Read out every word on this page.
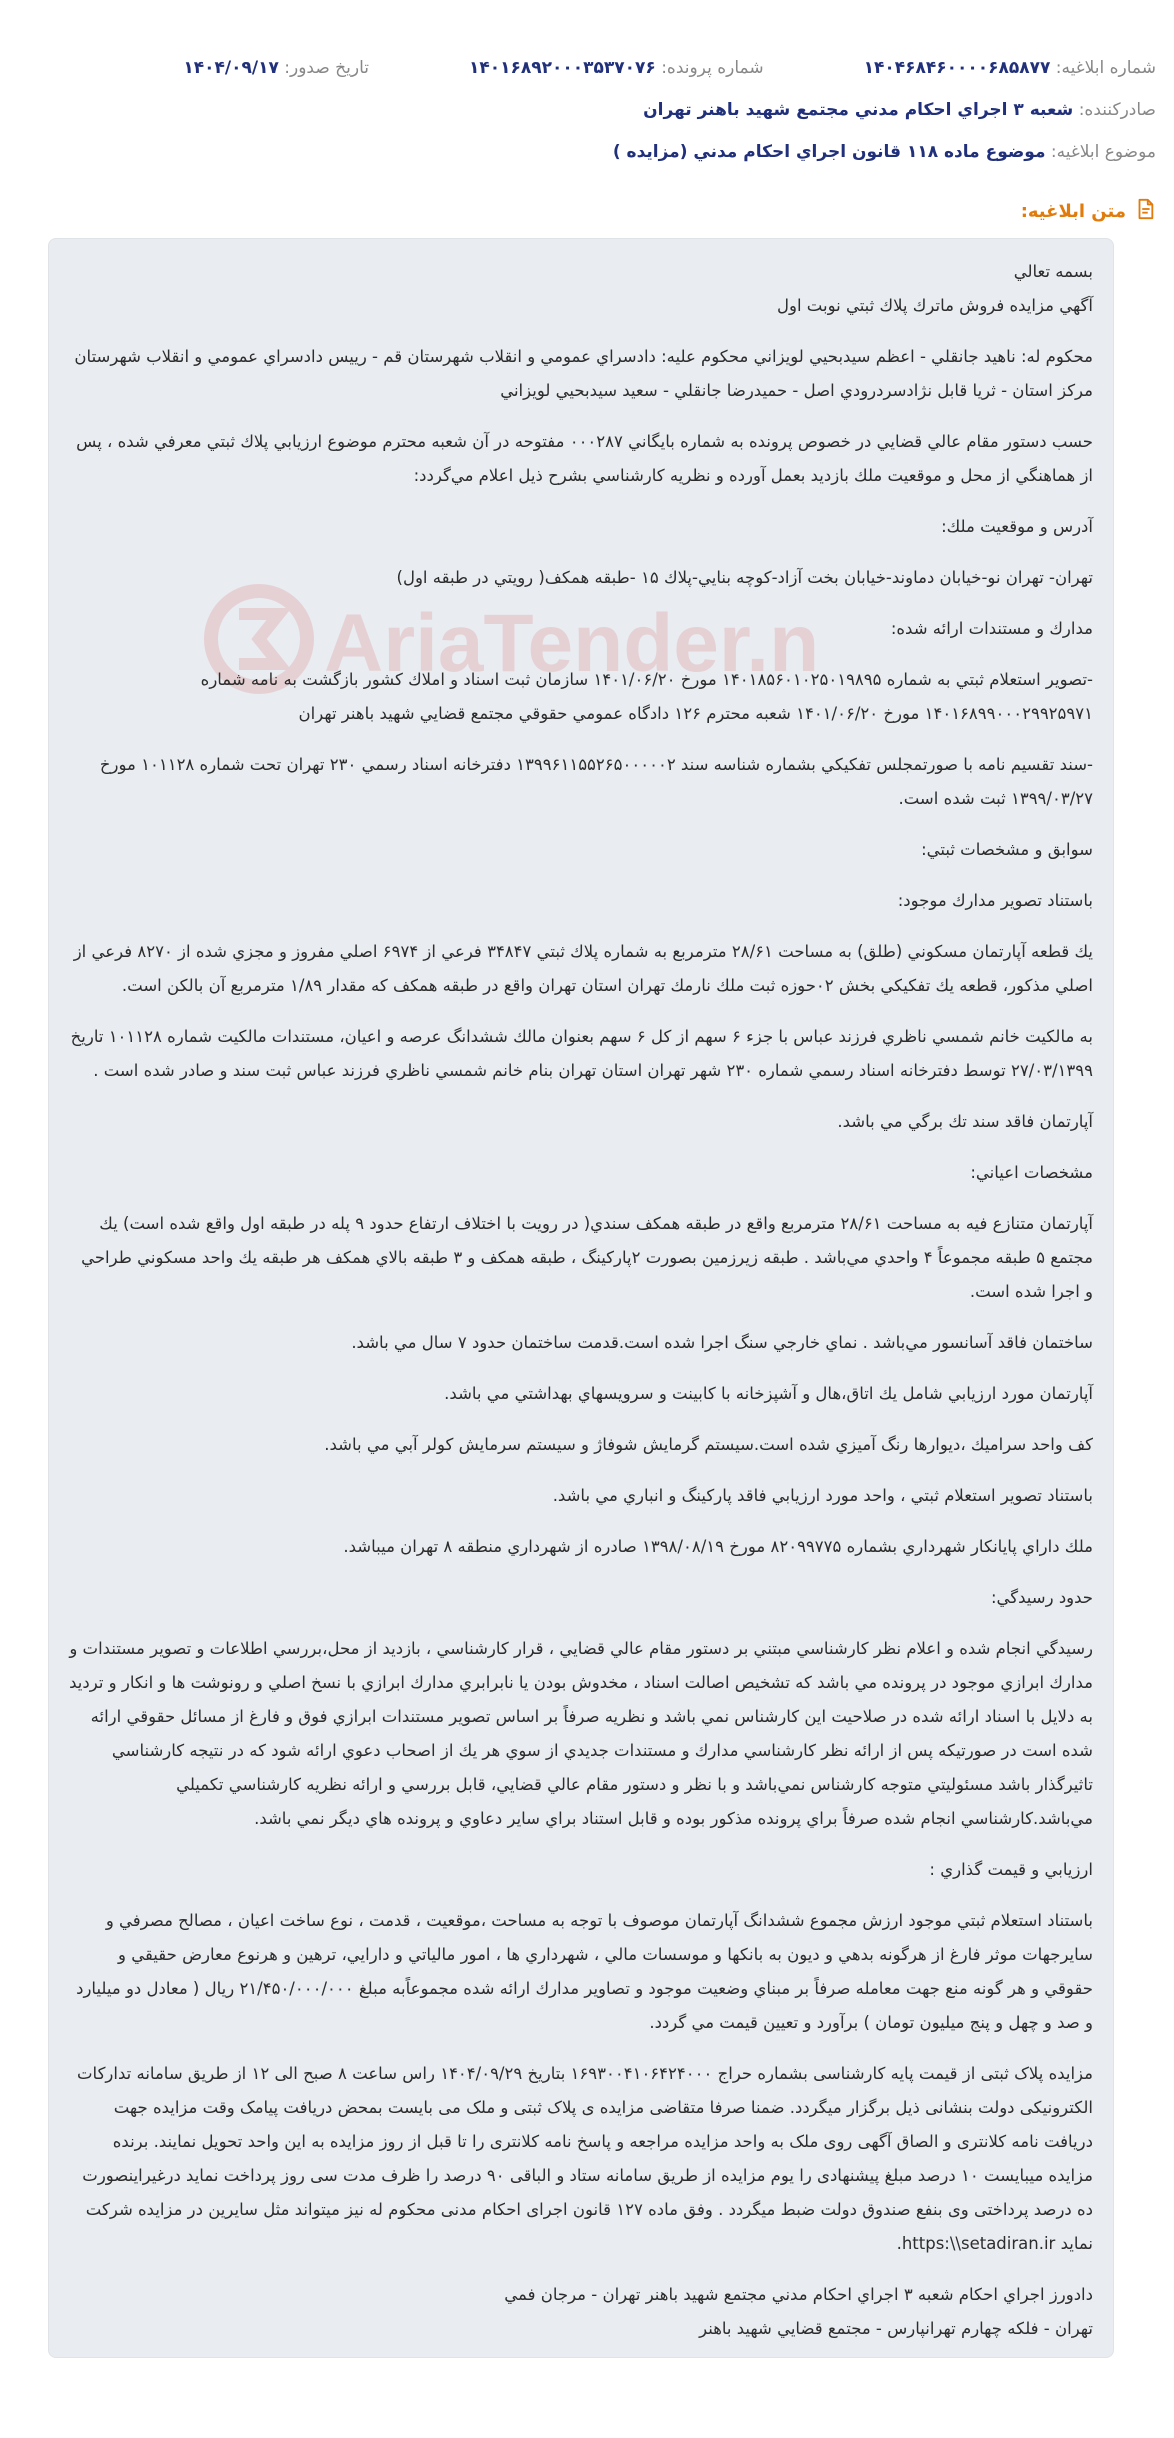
شماره ابلاغيه: ۱۴۰۴۶۸۴۶۰۰۰۰۶۸۵۸۷۷
شماره پرونده: ۱۴۰۱۶۸۹۲۰۰۰۳۵۳۷۰۷۶
تاريخ صدور: ۱۴۰۴/۰۹/۱۷
صادرکننده: شعبه ۳ اجراي احكام مدني مجتمع شهيد باهنر تهران
موضوع ابلاغيه: موضوع ماده ۱۱۸ قانون اجراي احكام مدني (مزايده )
متن ابلاغيه:
AriaTender.n

بسمه تعالي

آگهي مزايده فروش ماترك پلاك ثبتي نوبت اول

محكوم له: ناهيد جانقلي - اعظم سيدبحيي لويزاني محكوم عليه: دادسراي عمومي و انقلاب شهرستان قم - رييس دادسراي عمومي و انقلاب شهرستان مركز استان - ثريا قابل نژادسردرودي اصل - حميدرضا جانقلي - سعيد سيدبحيي لويزاني

حسب دستور مقام عالي قضايي در خصوص پرونده به شماره بايگاني ۰۰۰۲۸۷ مفتوحه در آن شعبه محترم موضوع ارزيابي پلاك ثبتي معرفي شده ، پس از هماهنگي از محل و موقعيت ملك بازديد بعمل آورده و نظريه كارشناسي بشرح ذيل اعلام مي‌گردد:

آدرس و موقعيت ملك:

تهران- تهران نو-خيابان دماوند-خيابان بخت آزاد-كوچه بنايي-پلاك ۱۵ -طبقه همكف( رويتي در طبقه اول)

مدارك و مستندات ارائه شده:

-تصوير استعلام ثبتي به شماره ۱۴۰۱۸۵۶۰۱۰۲۵۰۱۹۸۹۵ مورخ ۱۴۰۱/۰۶/۲۰ سازمان ثبت اسناد و املاك كشور بازگشت به نامه شماره ۱۴۰۱۶۸۹۹۰۰۰۲۹۹۲۵۹۷۱ مورخ ۱۴۰۱/۰۶/۲۰ شعبه محترم ۱۲۶ دادگاه عمومي حقوقي مجتمع قضايي شهيد باهنر تهران

-سند تقسيم نامه با صورتمجلس تفكيكي بشماره شناسه سند ۱۳۹۹۶۱۱۵۵۲۶۵۰۰۰۰۰۲ دفترخانه اسناد رسمي ۲۳۰ تهران تحت شماره ۱۰۱۱۲۸ مورخ ۱۳۹۹/۰۳/۲۷ ثبت شده است.

سوابق و مشخصات ثبتي:

باستناد تصوير مدارك موجود:

يك قطعه آپارتمان مسكوني (طلق) به مساحت ۲۸/۶۱ مترمربع به شماره پلاك ثبتي ۳۴۸۴۷ فرعي از ۶۹۷۴ اصلي مفروز و مجزي شده از ۸۲۷۰ فرعي از اصلي مذكور، قطعه يك تفكيكي بخش ۰۲حوزه ثبت ملك نارمك تهران استان تهران واقع در طبقه همكف كه مقدار ۱/۸۹ مترمربع آن بالكن است.

به مالكيت خانم شمسي ناظري فرزند عباس با جزء ۶ سهم از كل ۶ سهم بعنوان مالك ششدانگ عرصه و اعيان، مستندات مالكيت شماره ۱۰۱۱۲۸ تاريخ ۲۷/۰۳/۱۳۹۹ توسط دفترخانه اسناد رسمي شماره ۲۳۰ شهر تهران استان تهران بنام خانم شمسي ناظري فرزند عباس ثبت سند و صادر شده است .

آپارتمان فاقد سند تك برگي مي باشد.

مشخصات اعياني:

آپارتمان متنازع فيه به مساحت ۲۸/۶۱ مترمربع واقع در طبقه همكف سندي( در رويت با اختلاف ارتفاع حدود ۹ پله در طبقه اول واقع شده است) يك مجتمع ۵ طبقه مجموعاً ۴ واحدي مي‌باشد . طبقه زيرزمين بصورت ۲پاركينگ ، طبقه همكف و ۳ طبقه بالاي همكف هر طبقه يك واحد مسكوني طراحي و اجرا شده است.

ساختمان فاقد آسانسور مي‌باشد . نماي خارجي سنگ اجرا شده است.قدمت ساختمان حدود ۷ سال مي باشد.

آپارتمان مورد ارزيابي شامل يك اتاق،هال و آشپزخانه با كابينت و سرويسهاي بهداشتي مي باشد.

كف واحد سراميك ،ديوارها رنگ آميزي شده است.سيستم گرمايش شوفاژ و سيستم سرمايش كولر آبي مي باشد.

باستناد تصوير استعلام ثبتي ، واحد مورد ارزيابي فاقد پاركينگ و انباري مي باشد.

ملك داراي پايانكار شهرداري بشماره ۸۲۰۹۹۷۷۵ مورخ ۱۳۹۸/۰۸/۱۹ صادره از شهرداري منطقه ۸ تهران ميباشد.

حدود رسيدگي:

رسيدگي انجام شده و اعلام نظر كارشناسي مبتني بر دستور مقام عالي قضايي ، قرار كارشناسي ، بازديد از محل،بررسي اطلاعات و تصوير مستندات و مدارك ابرازي موجود در پرونده مي باشد كه تشخيص اصالت اسناد ، مخدوش بودن يا نابرابري مدارك ابرازي با نسخ اصلي و رونوشت ها و انكار و ترديد به دلايل با اسناد ارائه شده در صلاحيت اين كارشناس نمي باشد و نظريه صرفاً بر اساس تصوير مستندات ابرازي فوق و فارغ از مسائل حقوقي ارائه شده است در صورتيكه پس از ارائه نظر كارشناسي مدارك و مستندات جديدي از سوي هر يك از اصحاب دعوي ارائه شود كه در نتيجه كارشناسي تاثيرگذار باشد مسئوليتي متوجه كارشناس نمي‌باشد و با نظر و دستور مقام عالي قضايي، قابل بررسي و ارائه نظريه كارشناسي تكميلي مي‌باشد.كارشناسي انجام شده صرفاً براي پرونده مذكور بوده و قابل استناد براي ساير دعاوي و پرونده هاي ديگر نمي باشد.

ارزيابي و قيمت گذاري :

باستناد استعلام ثبتي موجود ارزش مجموع ششدانگ آپارتمان موصوف با توجه به مساحت ،موقعيت ، قدمت ، نوع ساخت اعيان ، مصالح مصرفي و سايرجهات موثر فارغ از هرگونه بدهي و ديون به بانكها و موسسات مالي ، شهرداري ها ، امور مالياتي و دارايي، ترهين و هرنوع معارض حقيقي و حقوقي و هر گونه منع جهت معامله صرفاً بر مبناي وضعيت موجود و تصاوير مدارك ارائه شده مجموعاًبه مبلغ ۲۱/۴۵۰/۰۰۰/۰۰۰ ريال ( معادل دو ميليارد و صد و چهل و پنج ميليون تومان ) برآورد و تعيين قيمت مي گردد.

مزايده پلاک ثبتی از قیمت پایه کارشناسی بشماره حراج ۱۶۹‬‬۳۰۰۴۱۰۶۴۲۴۰۰۰ بتاریخ ۱۴۰۴/۰۹/۲۹ راس ساعت ۸ صبح الی ۱۲ از طریق سامانه تدارکات الکترونیکی دولت بنشانی ذیل برگزار میگردد. ضمنا صرفا متقاضی مزایده ی پلاک ثبتی و ملک می بایست بمحض دریافت پیامک وقت مزایده جهت دریافت نامه کلانتری و الصاق آگهی روی ملک به واحد مزایده مراجعه و پاسخ نامه کلانتری را تا قبل از روز مزایده به این واحد تحویل نمایند. برنده مزایده میبایست ۱۰ درصد مبلغ پیشنهادی را یوم مزایده از طریق سامانه ستاد و الباقی ۹۰ درصد را ظرف مدت سی روز پرداخت نماید درغیراینصورت ده درصد پرداختی وی بنفع صندوق دولت ضبط میگردد . وفق ماده ۱۲۷ قانون اجرای احکام مدنی محکوم له نیز میتواند مثل سایرین در مزایده شرکت نماید https:\\setadiran.ir.

دادورز اجراي احكام شعبه ۳ اجراي احكام مدني مجتمع شهيد باهنر تهران - مرجان فمي

تهران - فلكه چهارم تهرانپارس - مجتمع قضايي شهيد باهنر
